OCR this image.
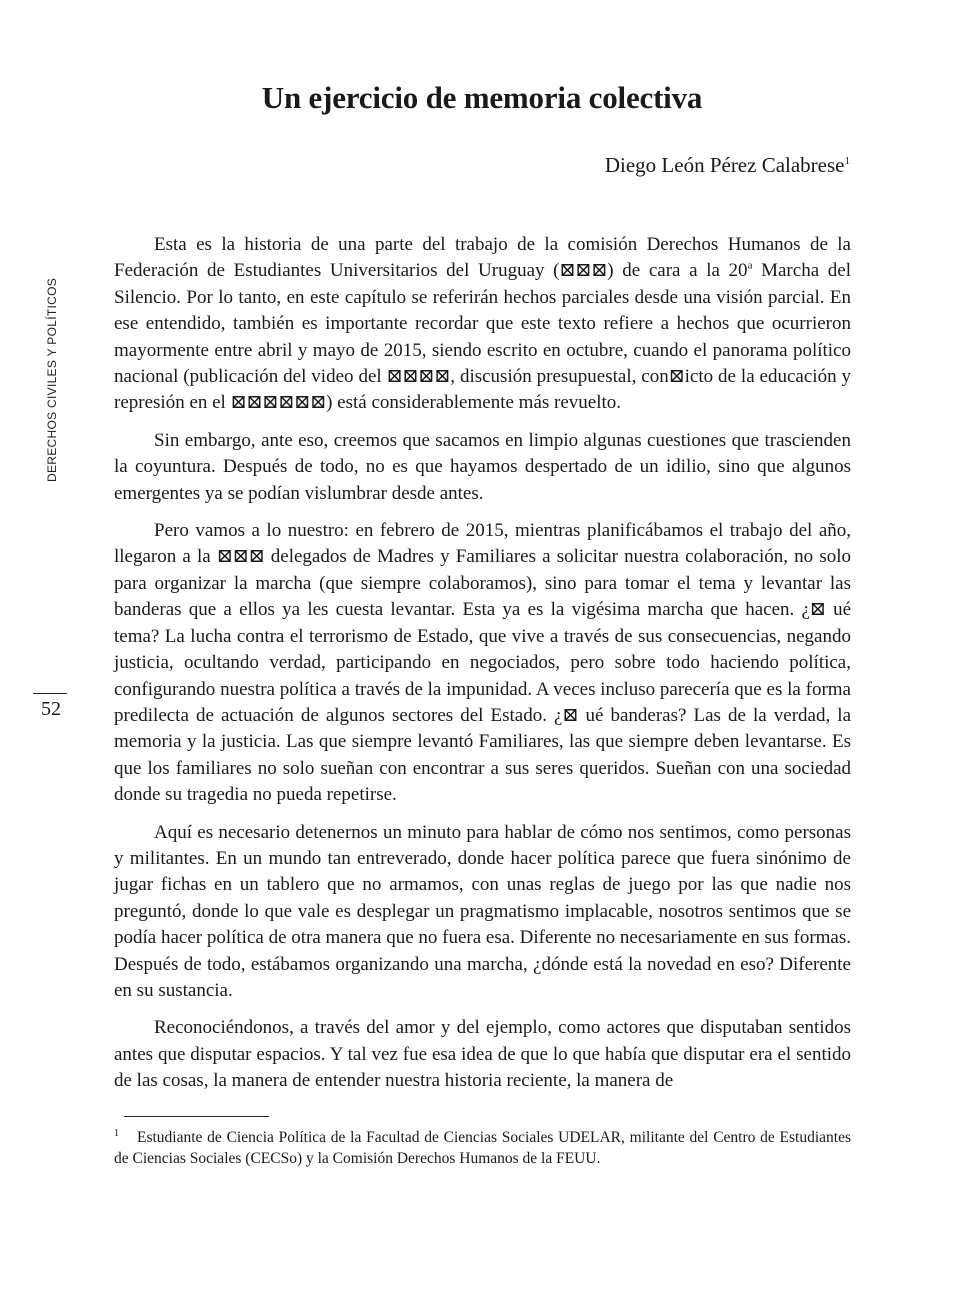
Un ejercicio de memoria colectiva
Diego León Pérez Calabrese$^1$
DERECHOS CIVILES Y POLÍTICOS
52

Esta es la historia de una parte del trabajo de la comisión Derechos Humanos de la Federación de Estudiantes Universitarios del Uruguay (⊠⊠⊠) de cara a la 20$^a$ Marcha del Silencio. Por lo tanto, en este capítulo se referirán hechos parciales desde una visión parcial. En ese entendido, también es importante recordar que este texto refiere a hechos que ocurrieron mayormente entre abril y mayo de 2015, siendo escrito en octubre, cuando el panorama político nacional (publicación del video del ⊠⊠⊠⊠, discusión presupuestal, con⊠icto de la educación y represión en el ⊠⊠⊠⊠⊠⊠) está considerablemente más revuelto.

Sin embargo, ante eso, creemos que sacamos en limpio algunas cuestiones que trascienden la coyuntura. Después de todo, no es que hayamos despertado de un idilio, sino que algunos emergentes ya se podían vislumbrar desde antes.

Pero vamos a lo nuestro: en febrero de 2015, mientras planificábamos el trabajo del año, llegaron a la ⊠⊠⊠ delegados de Madres y Familiares a solicitar nuestra colaboración, no solo para organizar la marcha (que siempre colaboramos), sino para tomar el tema y levantar las banderas que a ellos ya les cuesta levantar. Esta ya es la vigésima marcha que hacen. ¿⊠ ué tema? La lucha contra el terrorismo de Estado, que vive a través de sus consecuencias, negando justicia, ocultando verdad, participando en negociados, pero sobre todo haciendo política, configurando nuestra política a través de la impunidad. A veces incluso parecería que es la forma predilecta de actuación de algunos sectores del Estado. ¿⊠ ué banderas? Las de la verdad, la memoria y la justicia. Las que siempre levantó Familiares, las que siempre deben levantarse. Es que los familiares no solo sueñan con encontrar a sus seres queridos. Sueñan con una sociedad donde su tragedia no pueda repetirse.

Aquí es necesario detenernos un minuto para hablar de cómo nos sentimos, como personas y militantes. En un mundo tan entreverado, donde hacer política parece que fuera sinónimo de jugar fichas en un tablero que no armamos, con unas reglas de juego por las que nadie nos preguntó, donde lo que vale es desplegar un pragmatismo implacable, nosotros sentimos que se podía hacer política de otra manera que no fuera esa. Diferente no necesariamente en sus formas. Después de todo, estábamos organizando una marcha, ¿dónde está la novedad en eso? Diferente en su sustancia.

Reconociéndonos, a través del amor y del ejemplo, como actores que disputaban sentidos antes que disputar espacios. Y tal vez fue esa idea de que lo que había que disputar era el sentido de las cosas, la manera de entender nuestra historia reciente, la manera de

$^1$ Estudiante de Ciencia Política de la Facultad de Ciencias Sociales UDELAR, militante del Centro de Estudiantes de Ciencias Sociales (CECSo) y la Comisión Derechos Humanos de la FEUU.
